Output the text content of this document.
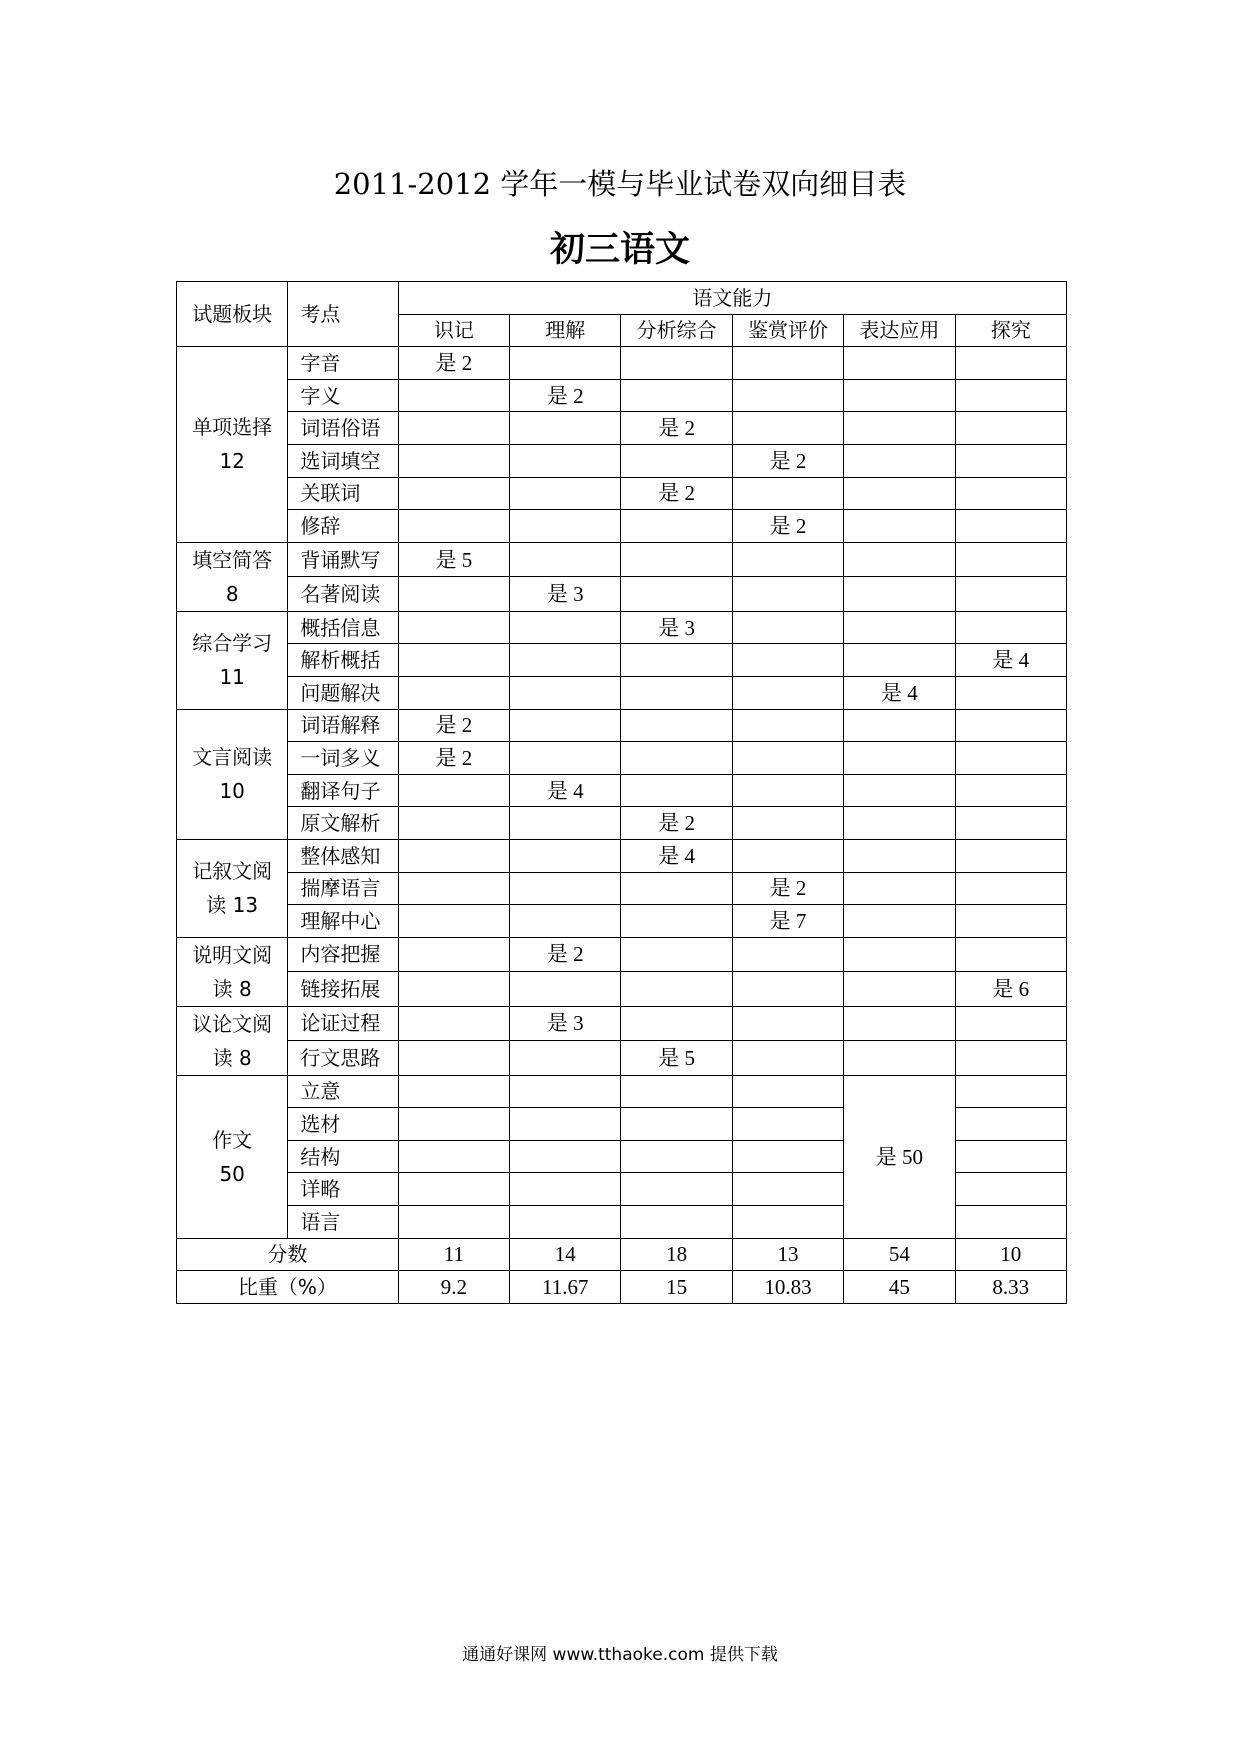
2011-2012 学年一模与毕业试卷双向细目表
初三语文
试题板块	考点	语文能力					
		识记	理解	分析综合	鉴赏评价	表达应用	探究

单项选择
12	字音	是 2					
	字义		是 2				
	词语俗语			是 2			
	选词填空				是 2		
	关联词			是 2			
	修辞				是 2		

填空简答
8	背诵默写	是 5					
	名著阅读		是 3				

综合学习
11	概括信息			是 3			
	解析概括						是 4
	问题解决					是 4	

文言阅读
10	词语解释	是 2					
	一词多义	是 2					
	翻译句子		是 4				
	原文解析			是 2			

记叙文阅
读 13	整体感知			是 4			
	揣摩语言				是 2		
	理解中心				是 7		

说明文阅
读 8	内容把握		是 2				
	链接拓展						是 6

议论文阅
读 8	论证过程		是 3				
	行文思路			是 5			

作文
50	立意					是 50	
	选材						
	结构						
	详略						
	语言						
分数		11	14	18	13	54	10
比重（%）		9.2	11.67	15	10.83	45	8.33
通通好课网 www.tthaoke.com 提供下载
